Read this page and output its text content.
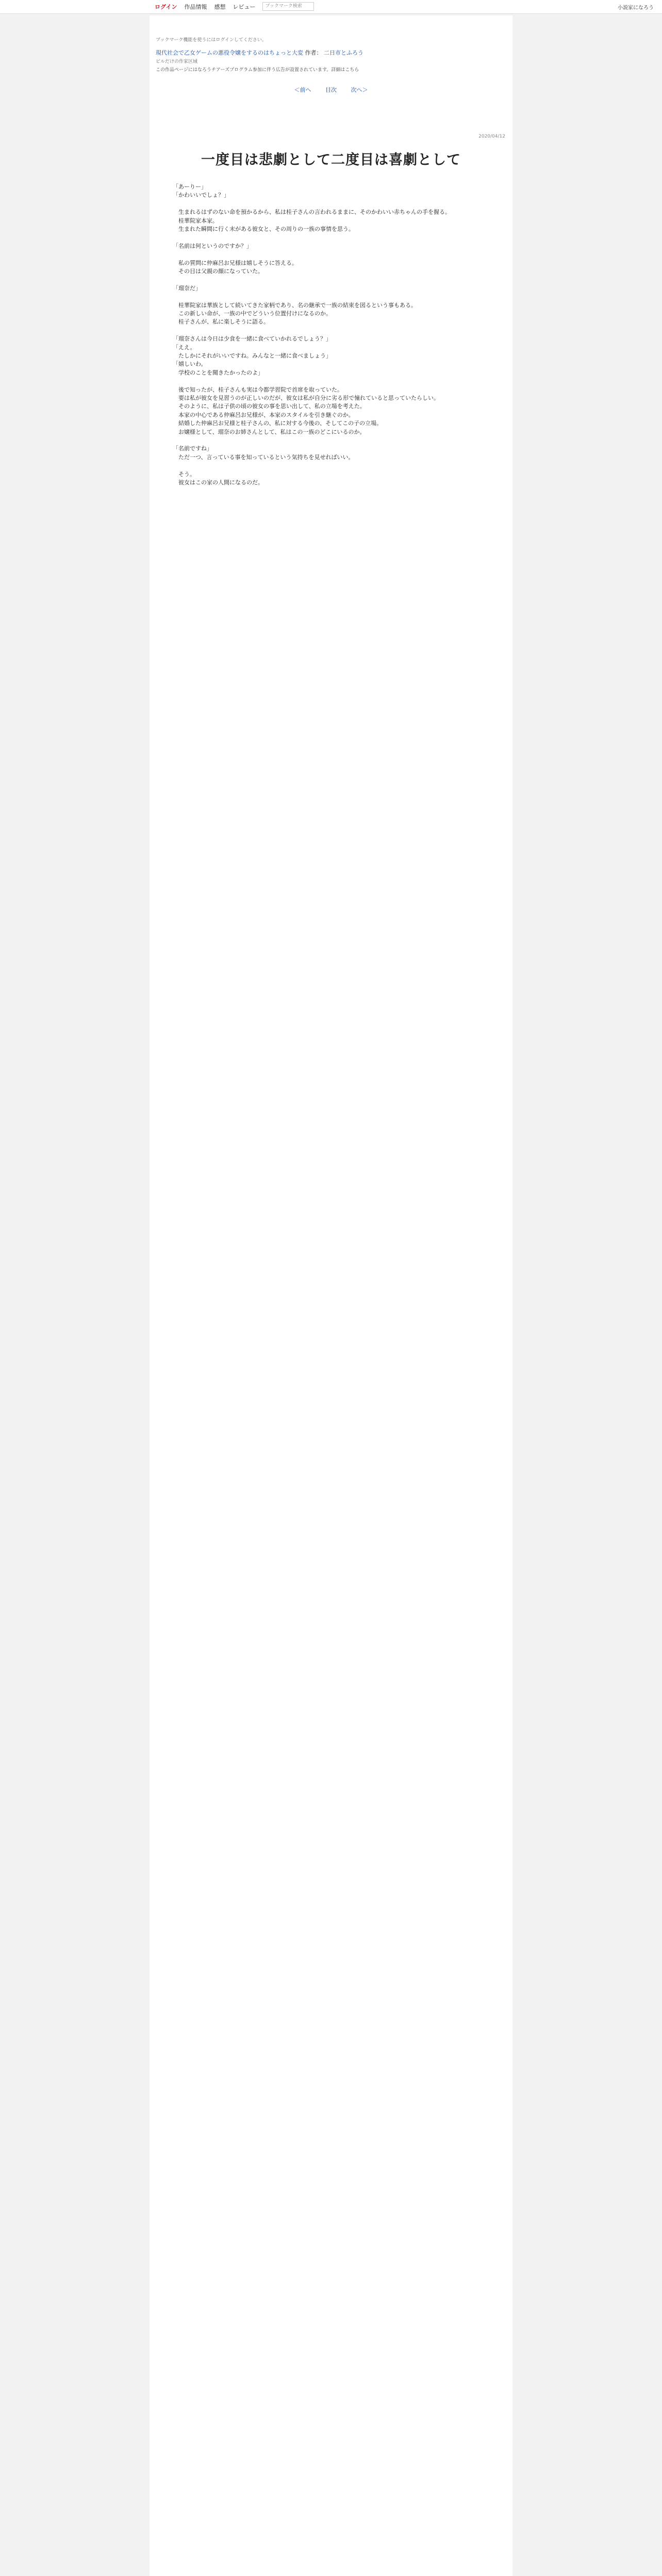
ログイン 作品情報 感想 レビュー	ブックマーク検索	小説家になろう
ブックマーク機能を使うにはログインしてください。
現代社会で乙女ゲームの悪役令嬢をするのはちょっと大変 作者： 二日市とふろう
ビルだけの作家区域
この作品ページにはなろうチアーズプログラム参加に伴う広告が設置されています。詳細はこちら
＜前へ	目次	次へ＞
2020/04/12
一度目は悲劇として二度目は喜劇として

「あーりー」
「かわいいでしょ？」

　生まれるはずのない命を預かるから、私は桂子さんの言われるままに、そのかわいい赤ちゃんの手を握る。
　桂華院家本家。
　生まれた瞬間に行く末がある彼女と、その周りの一族の事情を思う。

「名前は何というのですか？」

　私の質問に仲麻呂お兄様は嬉しそうに答える。
　その目は父親の顔になっていた。

「瑠奈だ」

　桂華院家は華族として続いてきた家柄であり、名の継承で一族の結束を図るという事もある。
　この新しい命が、一族の中でどういう位置付けになるのか。
　桂子さんが、私に楽しそうに語る。

「瑠奈さんは今日は少食を一緒に食べていかれるでしょう？」
「ええ。
　たしかにそれがいいですね。みんなと一緒に食べましょう」
「嬉しいわ。
　学校のことを聞きたかったのよ」

　後で知ったが、桂子さんも実は今都学習院で首席を取っていた。
　要は私が彼女を見習うのが正しいのだが、彼女は私が自分に劣る形で憧れていると思っていたらしい。
　そのように、私は子供の頃の彼女の事を思い出して、私の立場を考えた。
　本家の中心である仲麻呂お兄様が、本家のスタイルを引き継ぐのか。
　結婚した仲麻呂お兄様と桂子さんの、私に対する今後の、そしてこの子の立場。
　お嬢様として、瑠奈のお姉さんとして、私はこの一族のどこにいるのか。

「名前ですね」
　ただ一つ、言っている事を知っているという気持ちを見せればいい。

　そう。
　彼女はこの家の人間になるのだ。
